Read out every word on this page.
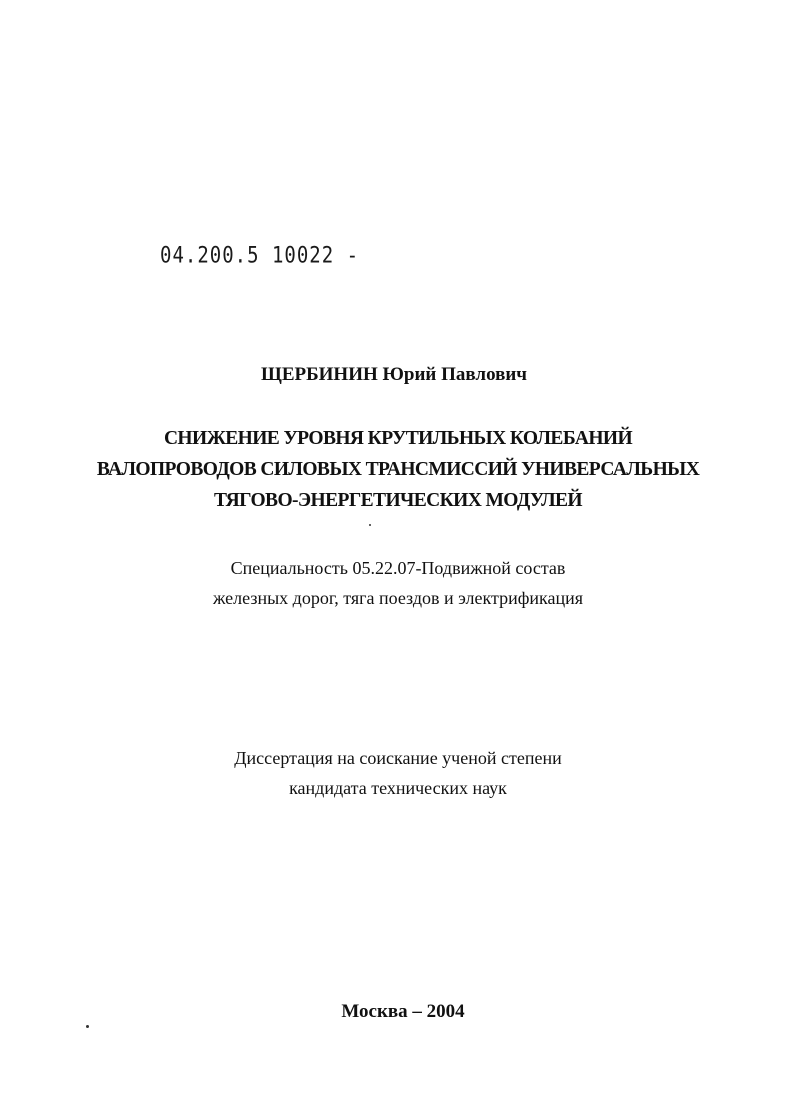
04.200.5 10022 -
ЩЕРБИНИН Юрий Павлович
СНИЖЕНИЕ УРОВНЯ КРУТИЛЬНЫХ КОЛЕБАНИЙ
ВАЛОПРОВОДОВ СИЛОВЫХ ТРАНСМИССИЙ УНИВЕРСАЛЬНЫХ
ТЯГОВО-ЭНЕРГЕТИЧЕСКИХ МОДУЛЕЙ
Специальность 05.22.07-Подвижной состав
железных дорог, тяга поездов и электрификация
Диссертация на соискание ученой степени
кандидата технических наук
Москва – 2004
